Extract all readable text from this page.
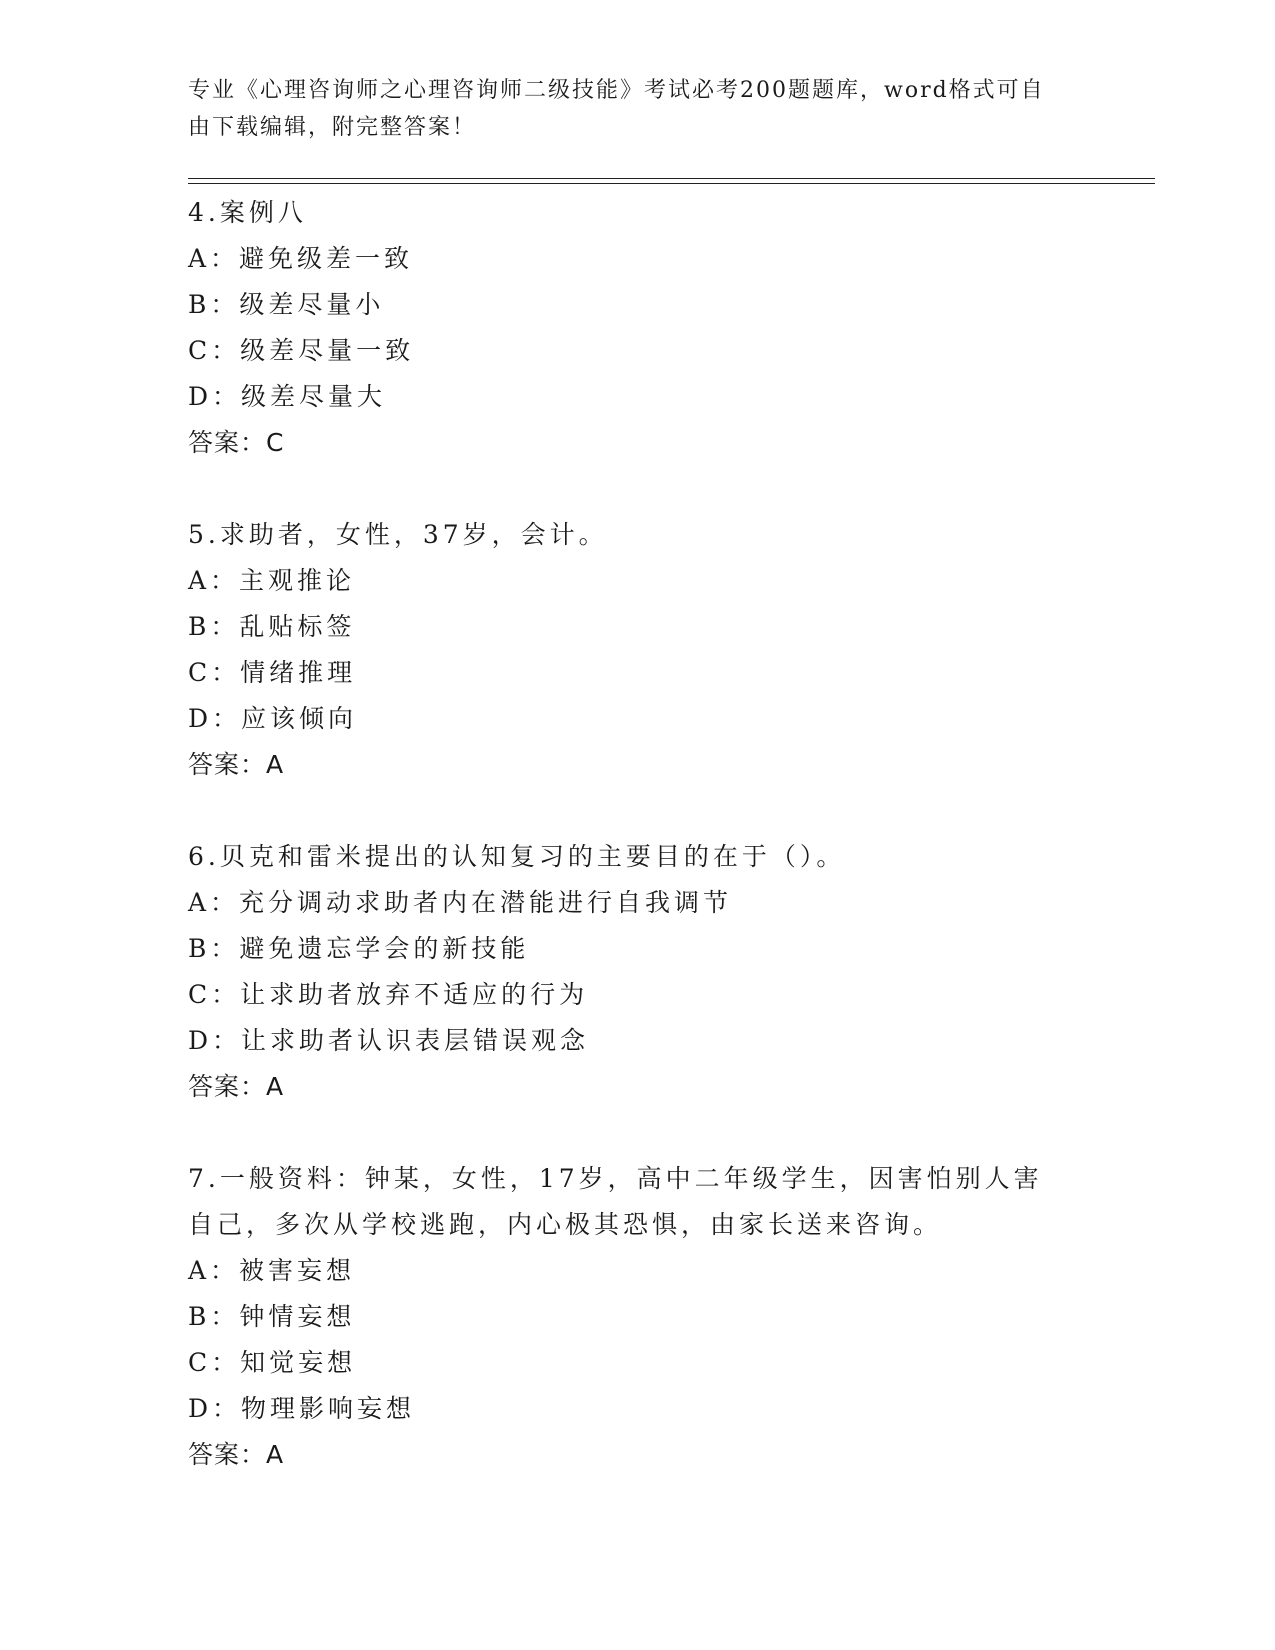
专业《心理咨询师之心理咨询师二级技能》考试必考200题题库，word格式可自由下载编辑，附完整答案！
4.案例八
A：避免级差一致
B：级差尽量小
C：级差尽量一致
D：级差尽量大
答案：C
5.求助者，女性，37岁，会计。
A：主观推论
B：乱贴标签
C：情绪推理
D：应该倾向
答案：A
6.贝克和雷米提出的认知复习的主要目的在于（）。
A：充分调动求助者内在潜能进行自我调节
B：避免遗忘学会的新技能
C：让求助者放弃不适应的行为
D：让求助者认识表层错误观念
答案：A
7.一般资料：钟某，女性，17岁，高中二年级学生，因害怕别人害自己，多次从学校逃跑，内心极其恐惧，由家长送来咨询。
A：被害妄想
B：钟情妄想
C：知觉妄想
D：物理影响妄想
答案：A
